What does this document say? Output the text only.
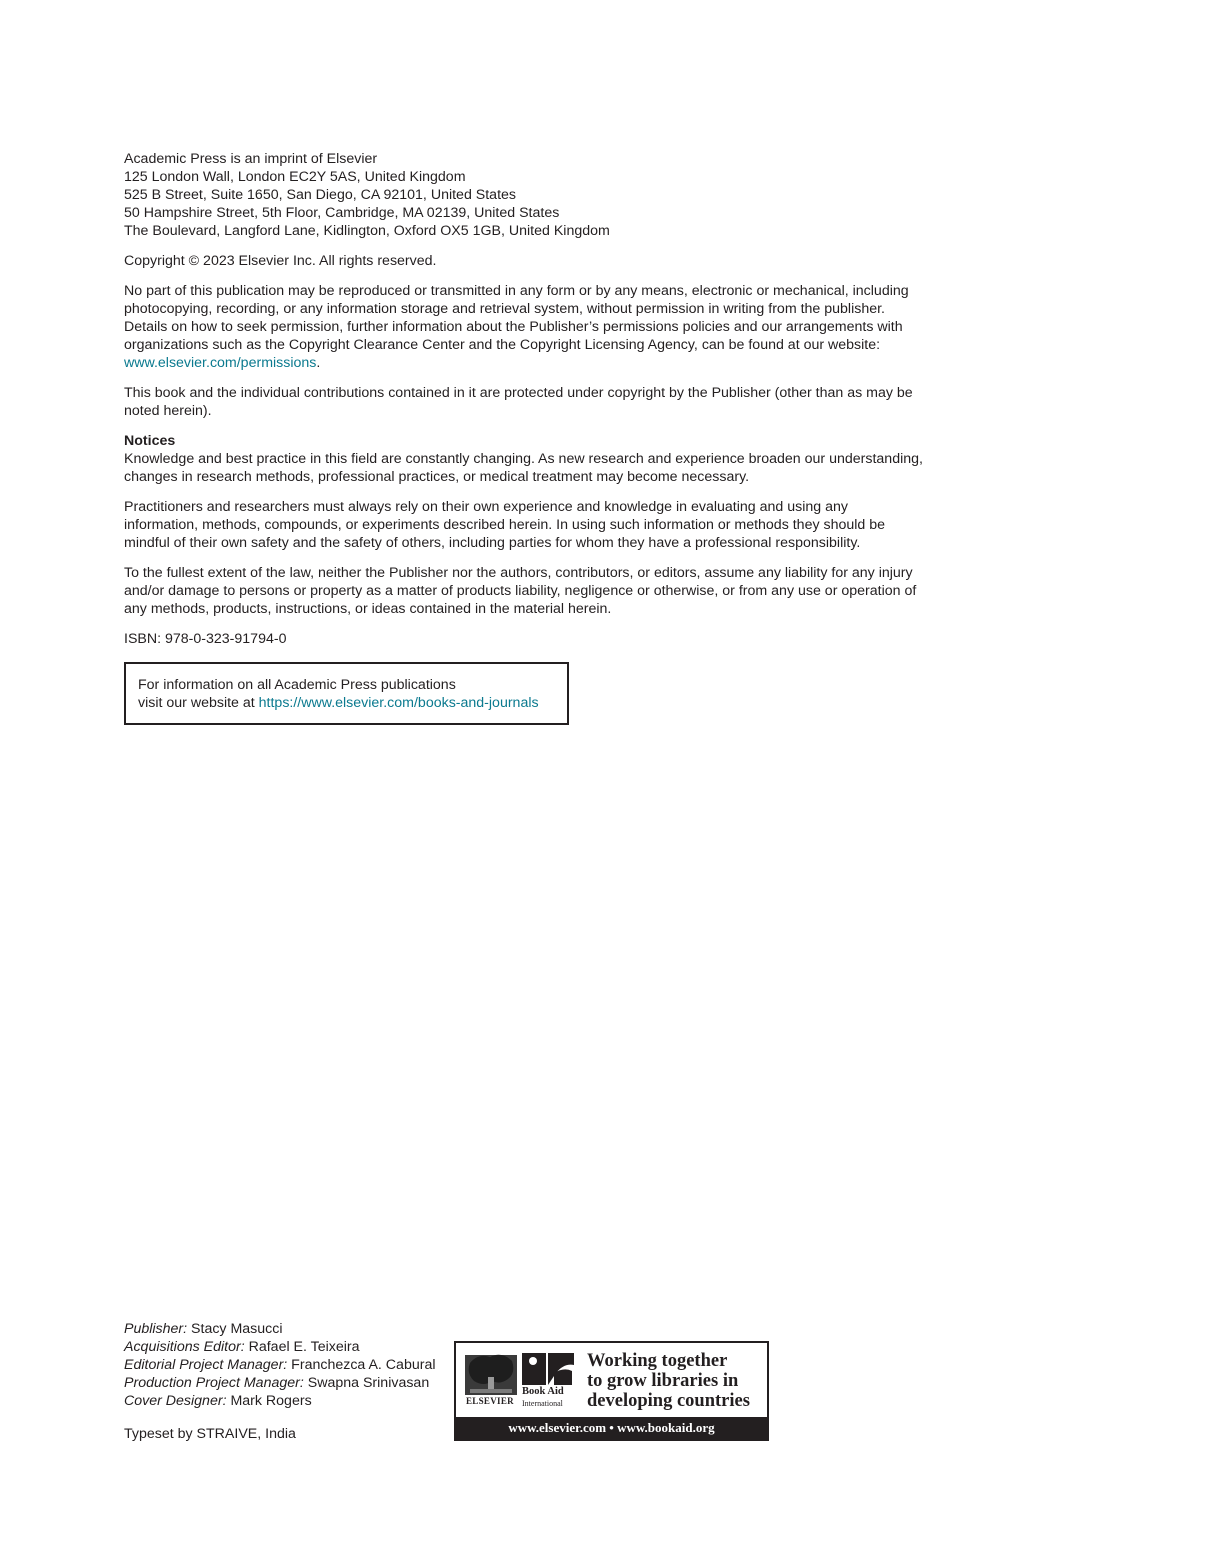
Academic Press is an imprint of Elsevier
125 London Wall, London EC2Y 5AS, United Kingdom
525 B Street, Suite 1650, San Diego, CA 92101, United States
50 Hampshire Street, 5th Floor, Cambridge, MA 02139, United States
The Boulevard, Langford Lane, Kidlington, Oxford OX5 1GB, United Kingdom

Copyright © 2023 Elsevier Inc. All rights reserved.

No part of this publication may be reproduced or transmitted in any form or by any means, electronic or mechanical, including photocopying, recording, or any information storage and retrieval system, without permission in writing from the publisher. Details on how to seek permission, further information about the Publisher’s permissions policies and our arrangements with organizations such as the Copyright Clearance Center and the Copyright Licensing Agency, can be found at our website: www.elsevier.com/permissions.

This book and the individual contributions contained in it are protected under copyright by the Publisher (other than as may be noted herein).

Notices

Knowledge and best practice in this field are constantly changing. As new research and experience broaden our understanding, changes in research methods, professional practices, or medical treatment may become necessary.

Practitioners and researchers must always rely on their own experience and knowledge in evaluating and using any information, methods, compounds, or experiments described herein. In using such information or methods they should be mindful of their own safety and the safety of others, including parties for whom they have a professional responsibility.

To the fullest extent of the law, neither the Publisher nor the authors, contributors, or editors, assume any liability for any injury and/or damage to persons or property as a matter of products liability, negligence or otherwise, or from any use or operation of any methods, products, instructions, or ideas contained in the material herein.

ISBN: 978-0-323-91794-0

For information on all Academic Press publications
visit our website at https://www.elsevier.com/books-and-journals
Publisher: Stacy Masucci
Acquisitions Editor: Rafael E. Teixeira
Editorial Project Manager: Franchezca A. Cabural
Production Project Manager: Swapna Srinivasan
Cover Designer: Mark Rogers
Typeset by STRAIVE, India
ELSEVIER
Book Aid
International
Working together
to grow libraries in
developing countries
www.elsevier.com • www.bookaid.org
